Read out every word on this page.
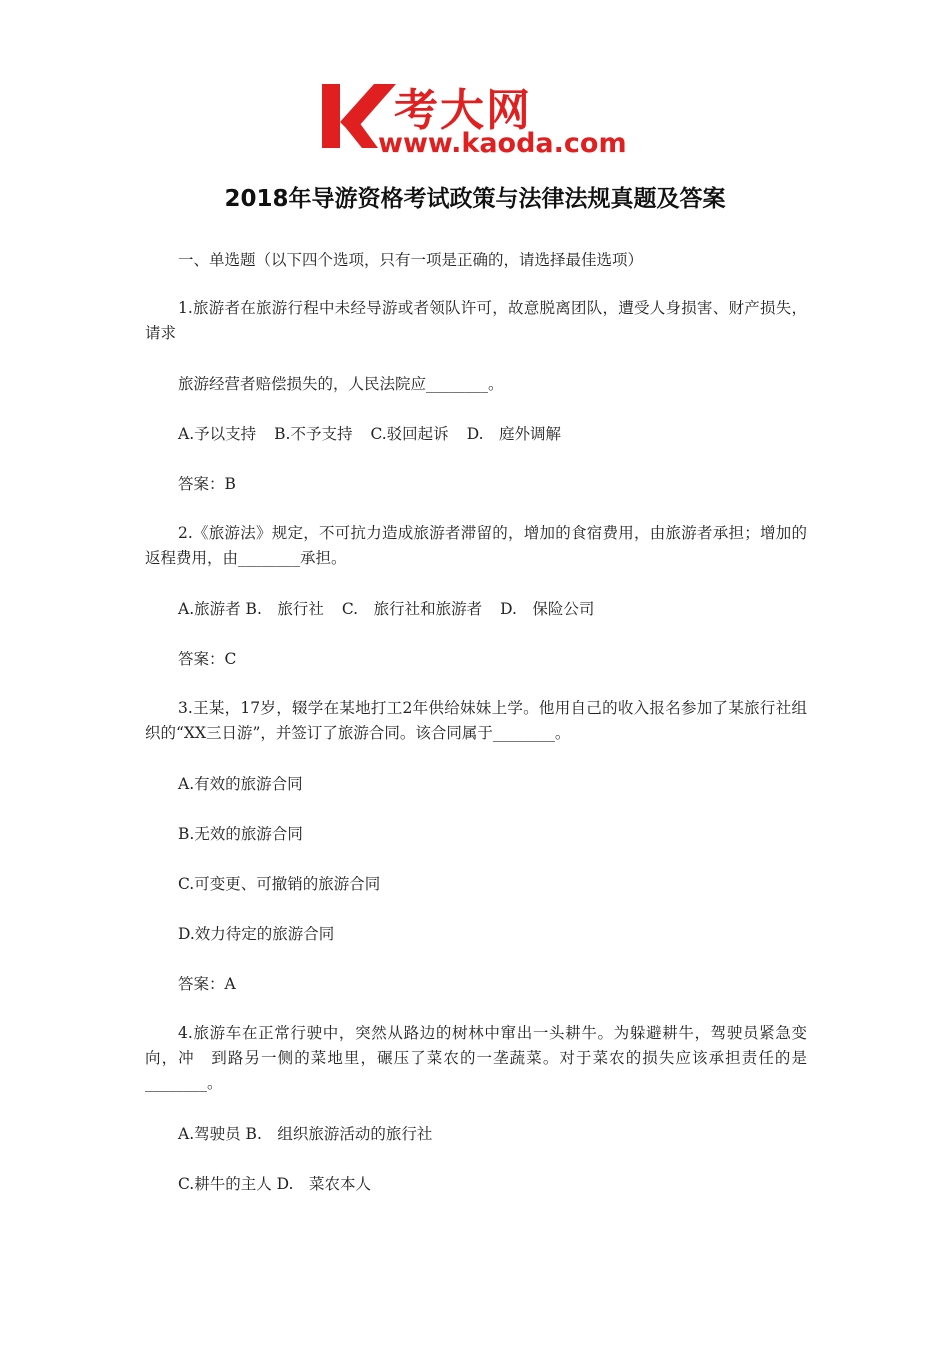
考大网
www.kaoda.com
2018年导游资格考试政策与法律法规真题及答案
一、单选题（以下四个选项，只有一项是正确的，请选择最佳选项）
1.旅游者在旅游行程中未经导游或者领队许可，故意脱离团队，遭受人身损害、财产损失，请求
旅游经营者赔偿损失的，人民法院应________。
A.予以支持 B.不予支持 C.驳回起诉 D.　庭外调解
答案：B
2.《旅游法》规定，不可抗力造成旅游者滞留的，增加的食宿费用，由旅游者承担；增加的返程费用，由________承担。
A.旅游者 B.　旅行社 C.　旅行社和旅游者 D.　保险公司
答案：C
3.王某，17岁，辍学在某地打工2年供给妹妹上学。他用自己的收入报名参加了某旅行社组织的“XX三日游”，并签订了旅游合同。该合同属于________。
A.有效的旅游合同
B.无效的旅游合同
C.可变更、可撤销的旅游合同
D.效力待定的旅游合同
答案：A
4.旅游车在正常行驶中，突然从路边的树林中窜出一头耕牛。为躲避耕牛，驾驶员紧急变向，冲　到路另一侧的菜地里，碾压了菜农的一垄蔬菜。对于菜农的损失应该承担责任的是________。
A.驾驶员 B.　组织旅游活动的旅行社
C.耕牛的主人 D.　菜农本人
